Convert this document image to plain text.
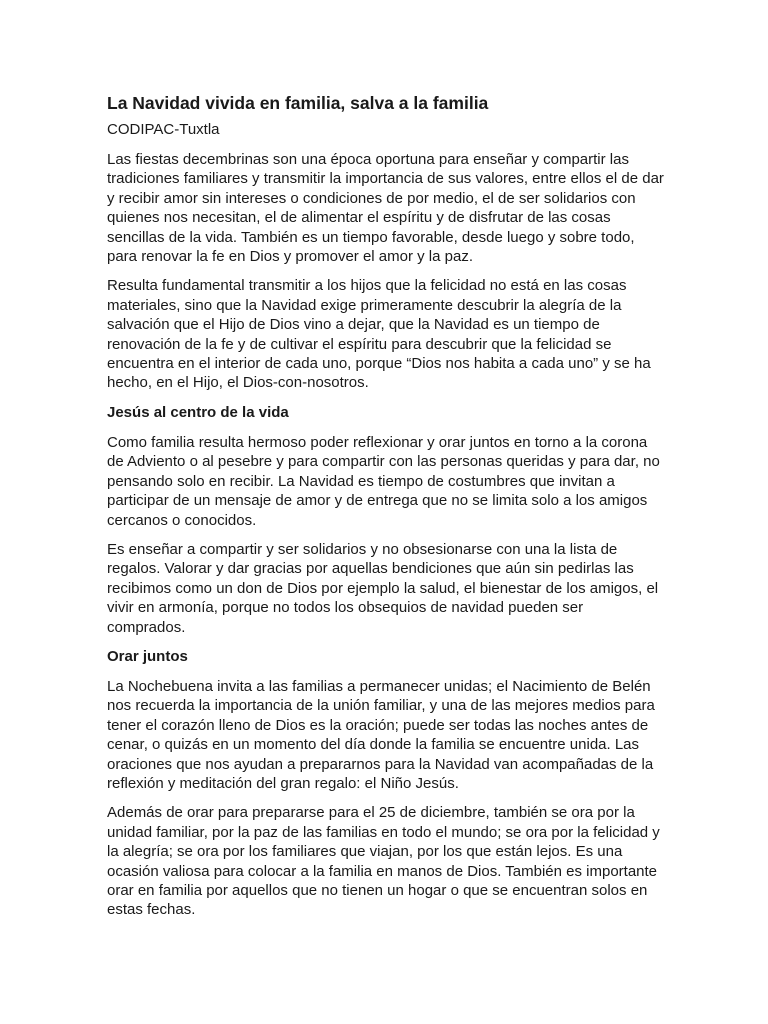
La Navidad vivida en familia, salva a la familia
CODIPAC-Tuxtla

Las fiestas decembrinas son una época oportuna para enseñar y compartir las tradiciones familiares y transmitir la importancia de sus valores, entre ellos el de dar y recibir amor sin intereses o condiciones de por medio, el de ser solidarios con quienes nos necesitan, el de alimentar el espíritu y de disfrutar de las cosas sencillas de la vida. También es un tiempo favorable, desde luego y sobre todo, para renovar la fe en Dios y promover el amor y la paz.

Resulta fundamental transmitir a los hijos que la felicidad no está en las cosas materiales, sino que la Navidad exige primeramente descubrir la alegría de la salvación que el Hijo de Dios vino a dejar, que la Navidad es un tiempo de renovación de la fe y de cultivar el espíritu para descubrir que la felicidad se encuentra en el interior de cada uno, porque “Dios nos habita a cada uno” y se ha hecho, en el Hijo, el Dios-con-nosotros.

Jesús al centro de la vida

Como familia resulta hermoso poder reflexionar y orar juntos en torno a la corona de Adviento o al pesebre y para compartir con las personas queridas y para dar, no pensando solo en recibir. La Navidad es tiempo de costumbres que invitan a participar de un mensaje de amor y de entrega que no se limita solo a los amigos cercanos o conocidos.

Es enseñar a compartir y ser solidarios y no obsesionarse con una la lista de regalos. Valorar y dar gracias por aquellas bendiciones que aún sin pedirlas las recibimos como un don de Dios por ejemplo la salud, el bienestar de los amigos, el vivir en armonía, porque no todos los obsequios de navidad pueden ser comprados.

Orar juntos

La Nochebuena invita a las familias a permanecer unidas; el Nacimiento de Belén nos recuerda la importancia de la unión familiar, y una de las mejores medios para tener el corazón lleno de Dios es la oración; puede ser todas las noches antes de cenar, o quizás en un momento del día donde la familia se encuentre unida. Las oraciones que nos ayudan a prepararnos para la Navidad van acompañadas de la reflexión y meditación del gran regalo: el Niño Jesús.

Además de orar para prepararse para el 25 de diciembre, también se ora por la unidad familiar, por la paz de las familias en todo el mundo; se ora por la felicidad y la alegría; se ora por los familiares que viajan, por los que están lejos. Es una ocasión valiosa para colocar a la familia en manos de Dios. También es importante orar en familia por aquellos que no tienen un hogar o que se encuentran solos en estas fechas.
